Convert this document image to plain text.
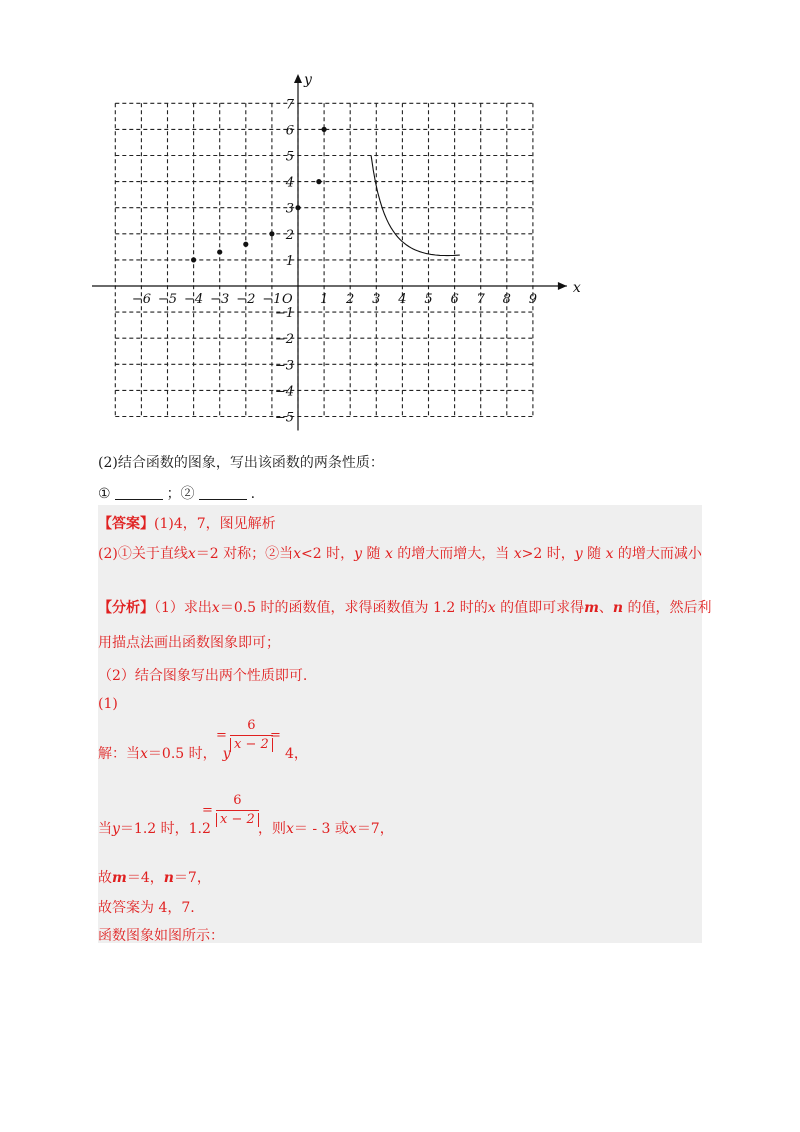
x
y
O
−6 −5 −4 −3 −2 −1	1 2 3 4 5 6 7 8 9
7
6
5
4
3
2
1
−1
−2
−3
−4
−5
(2)结合函数的图象，写出该函数的两条性质：
①	；②	.
【答案】(1)4，7，图见解析
(2)①关于直线x＝2 对称；②当x<2 时，y 随 x 的增大而增大，当 x>2 时，y 随 x 的增大而减小
【分析】（1）求出x＝0.5 时的函数值，求得函数值为 1.2 时的x 的值即可求得m、n 的值，然后利
用描点法画出函数图象即可；
（2）结合图象写出两个性质即可.
(1)
解：当x＝0.5 时， y
=
6
x − 2
=
4，
当y＝1.2 时，1.2
=
6
x − 2
，则x＝ - 3 或x＝7，
故m＝4，n＝7，
故答案为 4，7.
函数图象如图所示：
